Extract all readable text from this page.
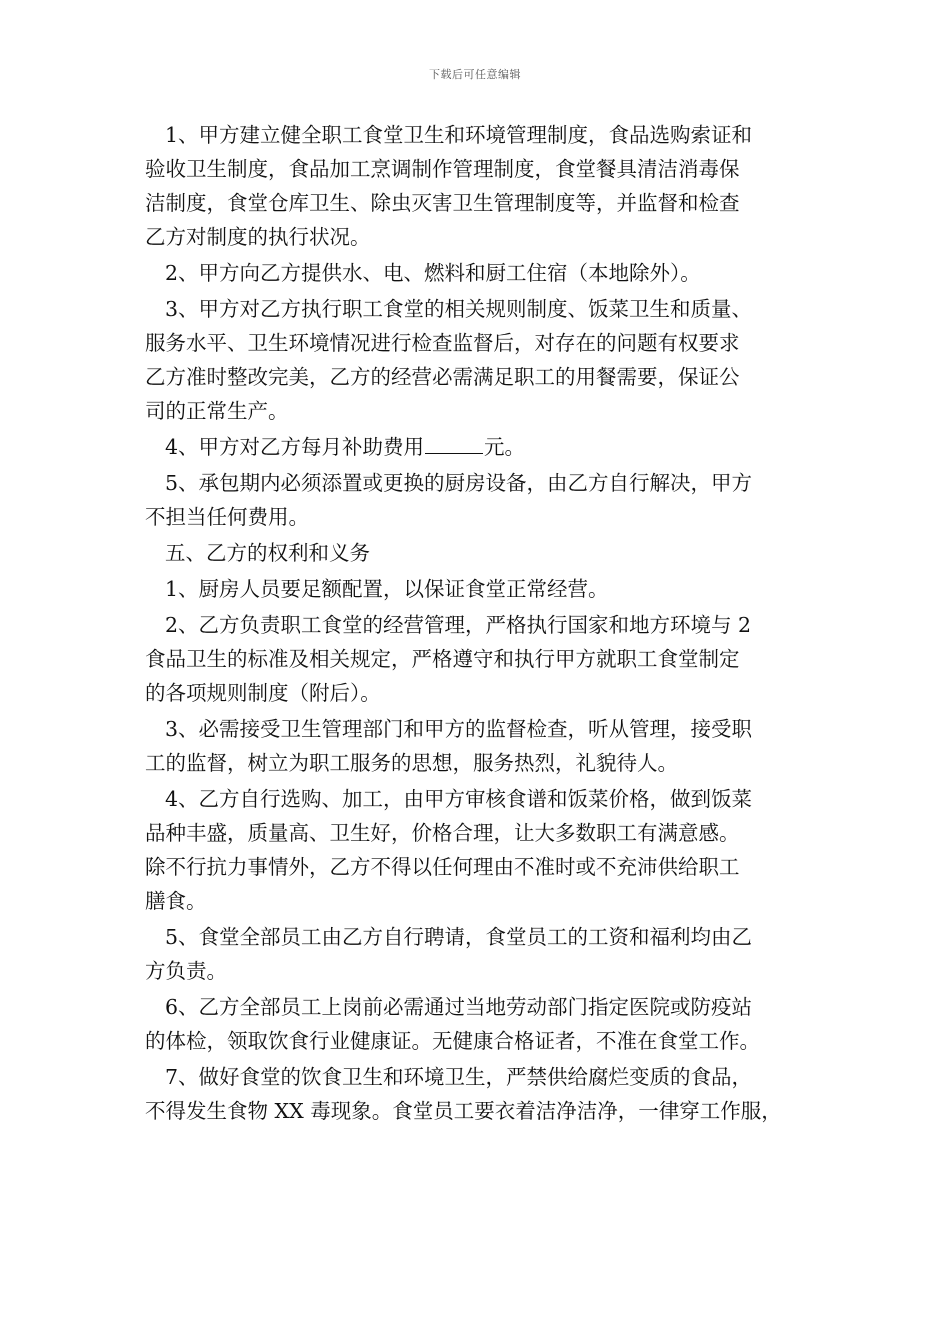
下载后可任意编辑
1、甲方建立健全职工食堂卫生和环境管理制度，食品选购索证和
验收卫生制度，食品加工烹调制作管理制度，食堂餐具清洁消毒保
洁制度，食堂仓库卫生、除虫灭害卫生管理制度等，并监督和检查
乙方对制度的执行状况。
2、甲方向乙方提供水、电、燃料和厨工住宿（本地除外）。
3、甲方对乙方执行职工食堂的相关规则制度、饭菜卫生和质量、
服务水平、卫生环境情况进行检查监督后，对存在的问题有权要求
乙方准时整改完美，乙方的经营必需满足职工的用餐需要，保证公
司的正常生产。
4、甲方对乙方每月补助费用	元。
5、承包期内必须添置或更换的厨房设备，由乙方自行解决，甲方
不担当任何费用。
五、乙方的权利和义务
1、厨房人员要足额配置，以保证食堂正常经营。
2、乙方负责职工食堂的经营管理，严格执行国家和地方环境与 2
食品卫生的标准及相关规定，严格遵守和执行甲方就职工食堂制定
的各项规则制度（附后）。
3、必需接受卫生管理部门和甲方的监督检查，听从管理，接受职
工的监督，树立为职工服务的思想，服务热烈，礼貌待人。
4、乙方自行选购、加工，由甲方审核食谱和饭菜价格，做到饭菜
品种丰盛，质量高、卫生好，价格合理，让大多数职工有满意感。
除不行抗力事情外，乙方不得以任何理由不准时或不充沛供给职工
膳食。
5、食堂全部员工由乙方自行聘请，食堂员工的工资和福利均由乙
方负责。
6、乙方全部员工上岗前必需通过当地劳动部门指定医院或防疫站
的体检，领取饮食行业健康证。无健康合格证者，不准在食堂工作。
7、做好食堂的饮食卫生和环境卫生，严禁供给腐烂变质的食品，
不得发生食物 XX 毒现象。食堂员工要衣着洁净洁净，一律穿工作服，
